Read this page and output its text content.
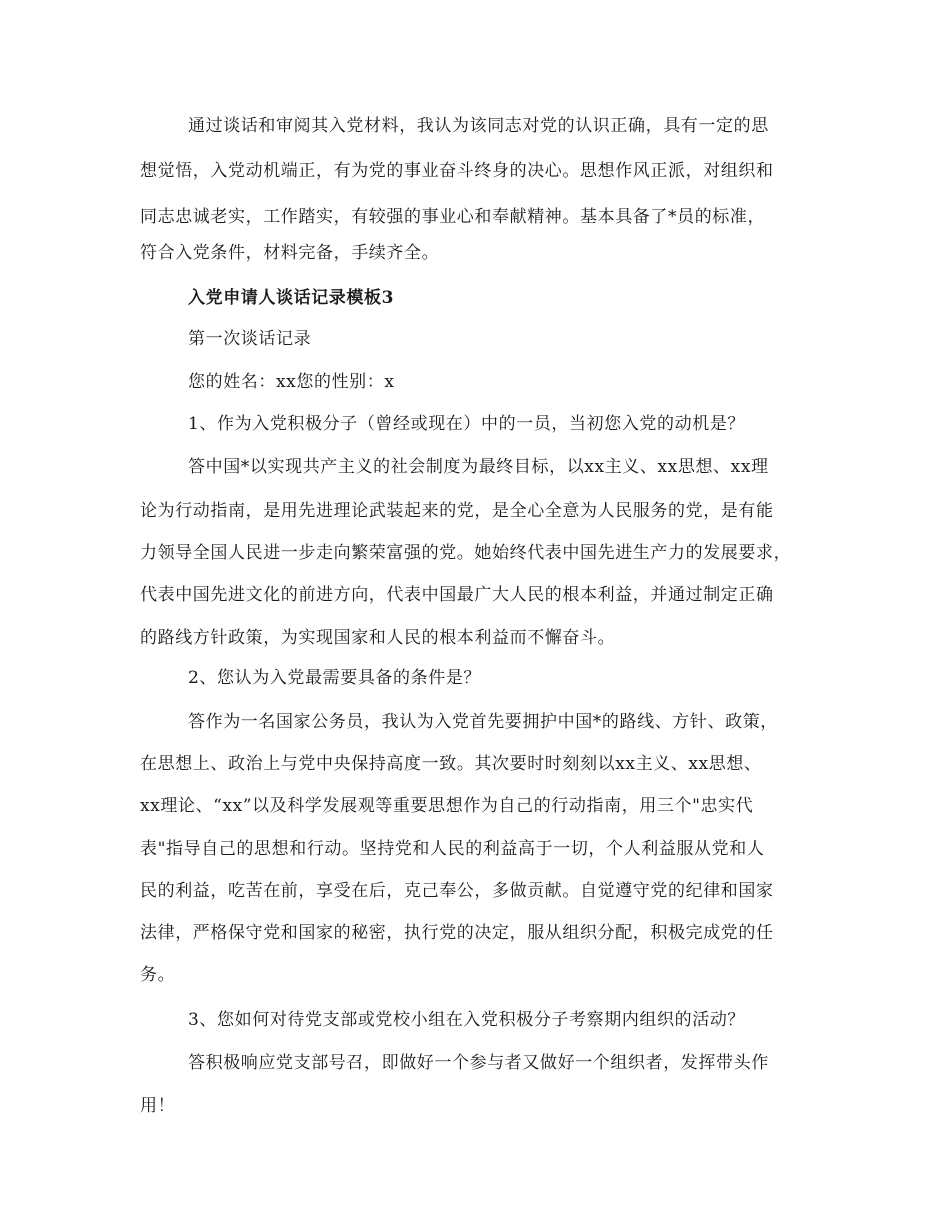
通过谈话和审阅其入党材料，我认为该同志对党的认识正确，具有一定的思
想觉悟，入党动机端正，有为党的事业奋斗终身的决心。思想作风正派，对组织和
同志忠诚老实，工作踏实，有较强的事业心和奉献精神。基本具备了*员的标准，
符合入党条件，材料完备，手续齐全。
入党申请人谈话记录模板3
第一次谈话记录
您的姓名：xx您的性别：x
1、作为入党积极分子（曾经或现在）中的一员，当初您入党的动机是？
答中国*以实现共产主义的社会制度为最终目标，以xx主义、xx思想、xx理
论为行动指南，是用先进理论武装起来的党，是全心全意为人民服务的党，是有能
力领导全国人民进一步走向繁荣富强的党。她始终代表中国先进生产力的发展要求，
代表中国先进文化的前进方向，代表中国最广大人民的根本利益，并通过制定正确
的路线方针政策，为实现国家和人民的根本利益而不懈奋斗。
2、您认为入党最需要具备的条件是？
答作为一名国家公务员，我认为入党首先要拥护中国*的路线、方针、政策，
在思想上、政治上与党中央保持高度一致。其次要时时刻刻以xx主义、xx思想、
xx理论、“xx”以及科学发展观等重要思想作为自己的行动指南，用三个"忠实代
表"指导自己的思想和行动。坚持党和人民的利益高于一切，个人利益服从党和人
民的利益，吃苦在前，享受在后，克己奉公，多做贡献。自觉遵守党的纪律和国家
法律，严格保守党和国家的秘密，执行党的决定，服从组织分配，积极完成党的任
务。
3、您如何对待党支部或党校小组在入党积极分子考察期内组织的活动？
答积极响应党支部号召，即做好一个参与者又做好一个组织者，发挥带头作
用！
